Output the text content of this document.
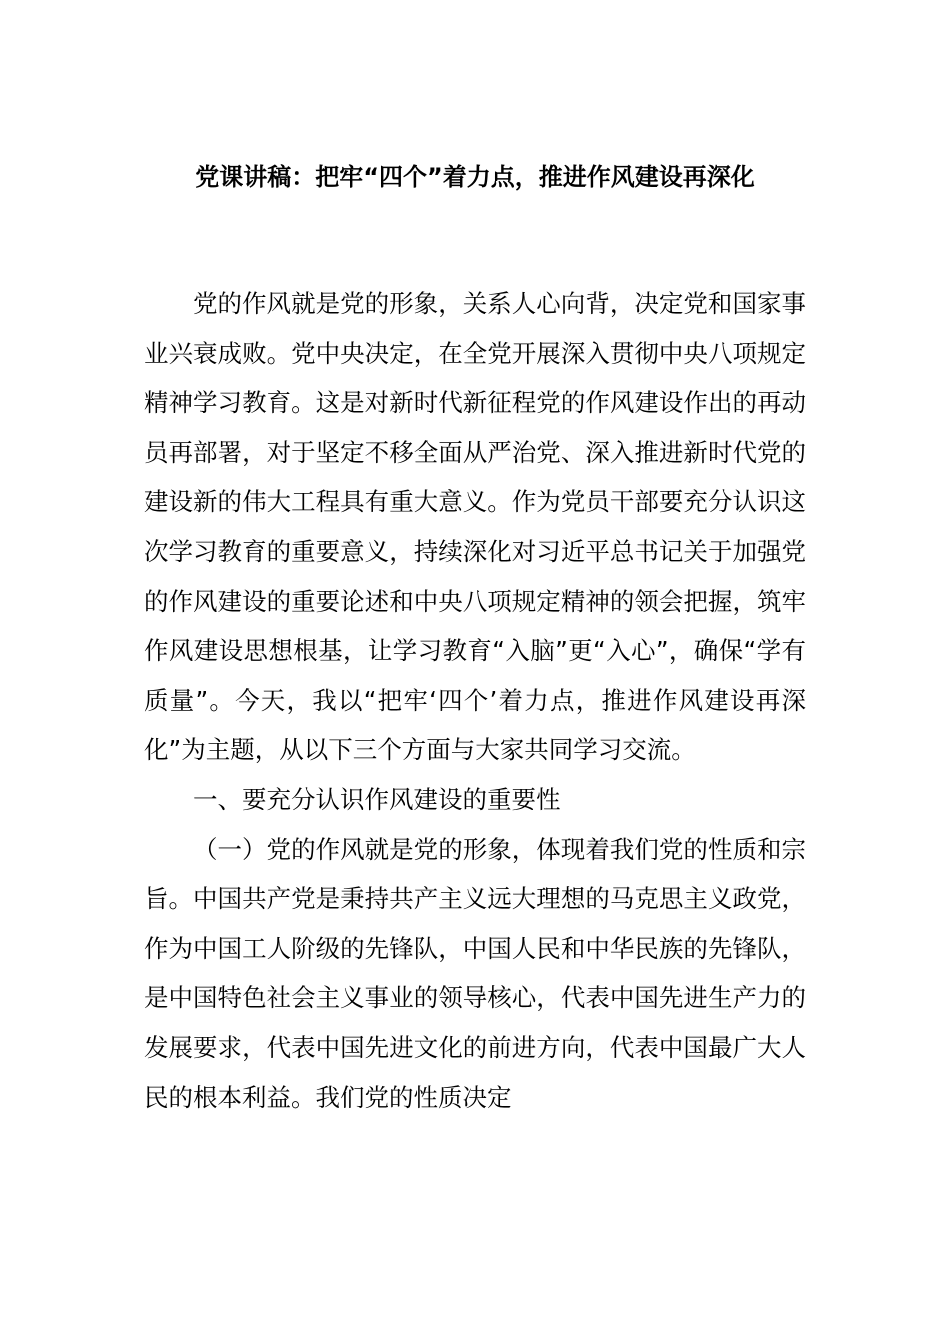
党课讲稿：把牢“四个”着力点，推进作风建设再深化

党的作风就是党的形象，关系人心向背，决定党和国家事业兴衰成败。党中央决定，在全党开展深入贯彻中央八项规定精神学习教育。这是对新时代新征程党的作风建设作出的再动员再部署，对于坚定不移全面从严治党、深入推进新时代党的建设新的伟大工程具有重大意义。作为党员干部要充分认识这次学习教育的重要意义，持续深化对习近平总书记关于加强党的作风建设的重要论述和中央八项规定精神的领会把握，筑牢作风建设思想根基，让学习教育“入脑”更“入心”，确保“学有质量”。今天，我以“把牢‘四个’着力点，推进作风建设再深化”为主题，从以下三个方面与大家共同学习交流。

一、要充分认识作风建设的重要性

（一）党的作风就是党的形象，体现着我们党的性质和宗旨。中国共产党是秉持共产主义远大理想的马克思主义政党，作为中国工人阶级的先锋队，中国人民和中华民族的先锋队，是中国特色社会主义事业的领导核心，代表中国先进生产力的发展要求，代表中国先进文化的前进方向，代表中国最广大人民的根本利益。我们党的性质决定
